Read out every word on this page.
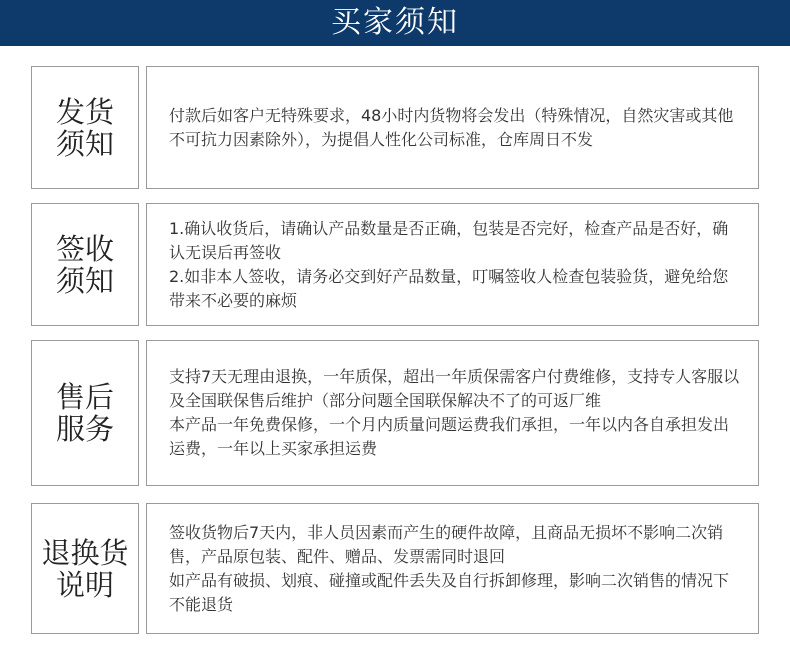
买家须知
发货
须知
付款后如客户无特殊要求，48小时内货物将会发出（特殊情况，自然灾害或其他不可抗力因素除外），为提倡人性化公司标准，仓库周日不发
签收
须知
1.确认收货后，请确认产品数量是否正确，包装是否完好，检查产品是否好，确认无误后再签收
2.如非本人签收，请务必交到好产品数量，叮嘱签收人检查包装验货，避免给您带来不必要的麻烦
售后
服务
支持7天无理由退换，一年质保，超出一年质保需客户付费维修，支持专人客服以及全国联保售后维护（部分问题全国联保解决不了的可返厂维
本产品一年免费保修，一个月内质量问题运费我们承担，一年以内各自承担发出运费，一年以上买家承担运费
退换货
说明
签收货物后7天内，非人员因素而产生的硬件故障，且商品无损坏不影响二次销售，产品原包装、配件、赠品、发票需同时退回
如产品有破损、划痕、碰撞或配件丢失及自行拆卸修理，影响二次销售的情况下不能退货
